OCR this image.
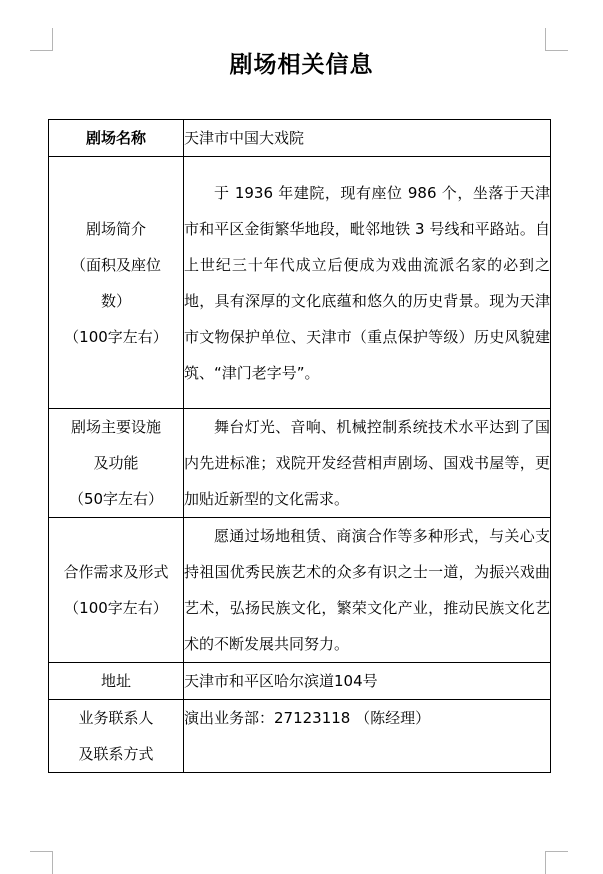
剧场相关信息
剧场名称	天津市中国大戏院

剧场简介
（面积及座位
数）
（100字左右）	于 1936 年建院，现有座位 986 个，坐落于天津市和平区金街繁华地段，毗邻地铁 3 号线和平路站。自上世纪三十年代成立后便成为戏曲流派名家的必到之地，具有深厚的文化底蕴和悠久的历史背景。现为天津市文物保护单位、天津市（重点保护等级）历史风貌建筑、“津门老字号”。

剧场主要设施
及功能
（50字左右）	舞台灯光、音响、机械控制系统技术水平达到了国内先进标准；戏院开发经营相声剧场、国戏书屋等，更加贴近新型的文化需求。

合作需求及形式
（100字左右）	愿通过场地租赁、商演合作等多种形式，与关心支持祖国优秀民族艺术的众多有识之士一道，为振兴戏曲艺术，弘扬民族文化，繁荣文化产业，推动民族文化艺术的不断发展共同努力。

地址	天津市和平区哈尔滨道104号

业务联系人
及联系方式	演出业务部：27123118 （陈经理）
